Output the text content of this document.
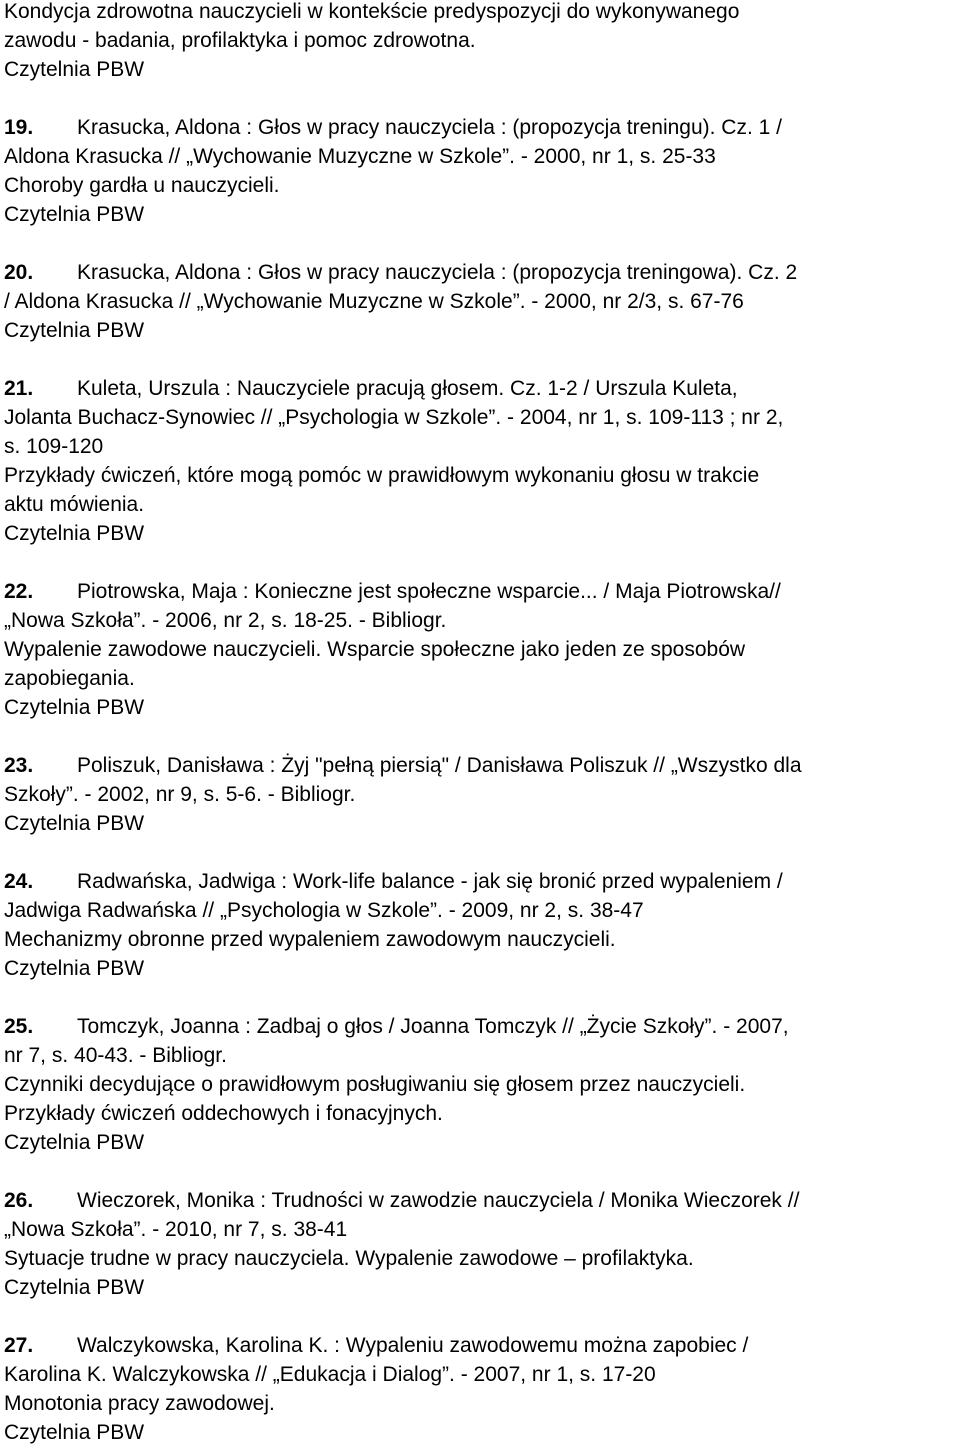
Kondycja zdrowotna nauczycieli w kontekście predyspozycji do wykonywanego
zawodu - badania, profilaktyka i pomoc zdrowotna.
Czytelnia PBW
19. Krasucka, Aldona : Głos w pracy nauczyciela : (propozycja treningu). Cz. 1 /
Aldona Krasucka // „Wychowanie Muzyczne w Szkole”. - 2000, nr 1, s. 25-33
Choroby gardła u nauczycieli.
Czytelnia PBW
20. Krasucka, Aldona : Głos w pracy nauczyciela : (propozycja treningowa). Cz. 2
/ Aldona Krasucka // „Wychowanie Muzyczne w Szkole”. - 2000, nr 2/3, s. 67-76
Czytelnia PBW
21. Kuleta, Urszula : Nauczyciele pracują głosem. Cz. 1-2 / Urszula Kuleta,
Jolanta Buchacz-Synowiec // „Psychologia w Szkole”. - 2004, nr 1, s. 109-113 ; nr 2,
s. 109-120
Przykłady ćwiczeń, które mogą pomóc w prawidłowym wykonaniu głosu w trakcie
aktu mówienia.
Czytelnia PBW
22. Piotrowska, Maja : Konieczne jest społeczne wsparcie... / Maja Piotrowska//
„Nowa Szkoła”. - 2006, nr 2, s. 18-25. - Bibliogr.
Wypalenie zawodowe nauczycieli. Wsparcie społeczne jako jeden ze sposobów
zapobiegania.
Czytelnia PBW
23. Poliszuk, Danisława : Żyj "pełną piersią" / Danisława Poliszuk // „Wszystko dla
Szkoły”. - 2002, nr 9, s. 5-6. - Bibliogr.
Czytelnia PBW
24. Radwańska, Jadwiga : Work-life balance - jak się bronić przed wypaleniem /
Jadwiga Radwańska // „Psychologia w Szkole”. - 2009, nr 2, s. 38-47
Mechanizmy obronne przed wypaleniem zawodowym nauczycieli.
Czytelnia PBW
25. Tomczyk, Joanna : Zadbaj o głos / Joanna Tomczyk // „Życie Szkoły”. - 2007,
nr 7, s. 40-43. - Bibliogr.
Czynniki decydujące o prawidłowym posługiwaniu się głosem przez nauczycieli.
Przykłady ćwiczeń oddechowych i fonacyjnych.
Czytelnia PBW
26. Wieczorek, Monika : Trudności w zawodzie nauczyciela / Monika Wieczorek //
„Nowa Szkoła”. - 2010, nr 7, s. 38-41
Sytuacje trudne w pracy nauczyciela. Wypalenie zawodowe – profilaktyka.
Czytelnia PBW
27. Walczykowska, Karolina K. : Wypaleniu zawodowemu można zapobiec /
Karolina K. Walczykowska // „Edukacja i Dialog”. - 2007, nr 1, s. 17-20
Monotonia pracy zawodowej.
Czytelnia PBW
